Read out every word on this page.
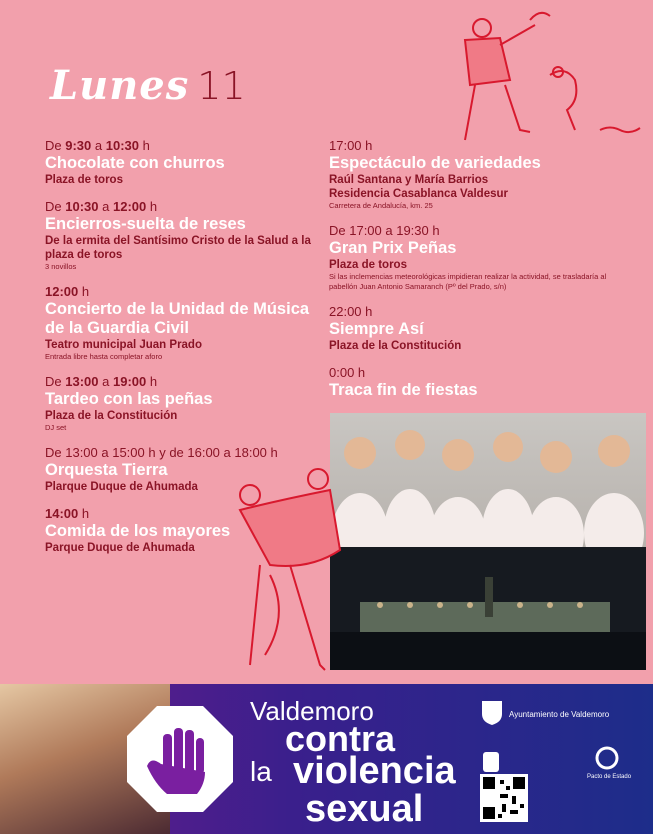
Lunes 11
De 9:30 a 10:30 h
Chocolate con churros
Plaza de toros
De 10:30 a 12:00 h
Encierros-suelta de reses
De la ermita del Santísimo Cristo de la Salud a la plaza de toros
3 novillos
12:00 h
Concierto de la Unidad de Música de la Guardia Civil
Teatro municipal Juan Prado
Entrada libre hasta completar aforo
De 13:00 a 19:00 h
Tardeo con las peñas
Plaza de la Constitución
DJ set
De 13:00 a 15:00 h y de 16:00 a 18:00 h
Orquesta Tierra
Plarque Duque de Ahumada
14:00 h
Comida de los mayores
Parque Duque de Ahumada
17:00 h
Espectáculo de variedades
Raúl Santana y María Barrios
Residencia Casablanca Valdesur
Carretera de Andalucía, km. 25
De 17:00 a 19:30 h
Gran Prix Peñas
Plaza de toros
Si las inclemencias meteorológicas impidieran realizar la actividad, se trasladaría al pabellón Juan Antonio Samaranch (Pº del Prado, s/n)
22:00 h
Siempre Así
Plaza de la Constitución
0:00 h
Traca fin de fiestas
Valdemoro
contra
la violencia
sexual
Ayuntamiento de Valdemoro
Pacto de Estado
